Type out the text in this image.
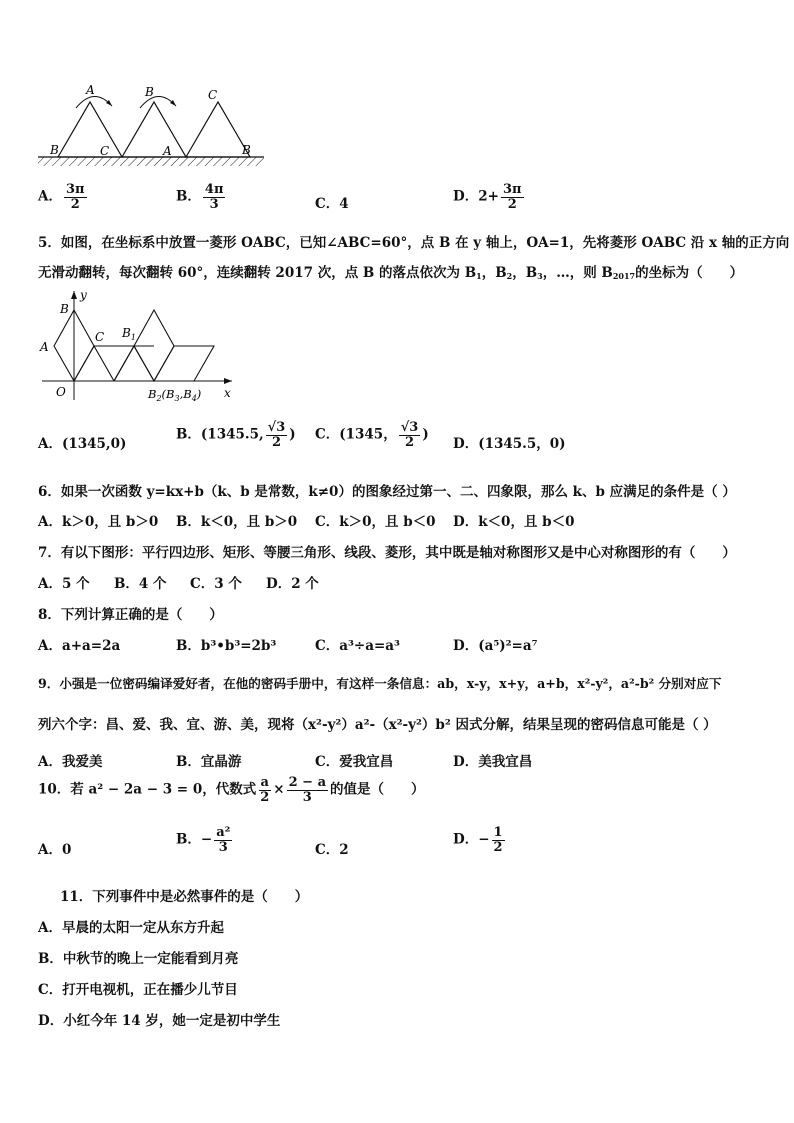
A
B	C
B	C
A	B
A． $\frac{3\pi}{2}$	B． $\frac{4\pi}{3}$	C．4	D．$2+ \frac{3\pi}{2}$
5．如图，在坐标系中放置一菱形 OABC，已知∠ABC=60°，点 B 在 y 轴上，OA=1，先将菱形 OABC 沿 x 轴的正方向
无滑动翻转，每次翻转 60°，连续翻转 2017 次，点 B 的落点依次为 $B_1$，$B_2$，$B_3$，…，则 $B_{2017}$的坐标为（　　）
y
B
A
C $B_1$
O	x
$B_2(B_3,B_4)$
A．(1345,0)
B．(1345.5, $\frac{√3}{2}$ ) C．(1345， $\frac{√3}{2}$ )
D．(1345.5，0)
6．如果一次函数 y=kx+b（k、b 是常数，k≠0）的图象经过第一、二、四象限，那么 k、b 应满足的条件是（ ）
A．k＞0，且 b＞0 B．k＜0，且 b＞0 C．k＞0，且 b＜0 D．k＜0，且 b＜0
7．有以下图形：平行四边形、矩形、等腰三角形、线段、菱形，其中既是轴对称图形又是中心对称图形的有（　　）
A．5 个 B．4 个 C．3 个 D．2 个
8．下列计算正确的是（　　）
A．a+a=2a	B．b³•b³=2b³	C．a³÷a=a³	D．(a⁵)²=a⁷
9．小强是一位密码编译爱好者，在他的密码手册中，有这样一条信息：ab，x-y，x+y，a+b，x²-y²，a²-b² 分别对应下
列六个字：昌、爱、我、宜、游、美，现将（x²-y²）a²-（x²-y²）b² 因式分解，结果呈现的密码信息可能是（ ）
A．我爱美	B．宜晶游	C．爱我宜昌	D．美我宜昌
10．若 a² − 2a − 3 = 0，代数式 $\frac{a}{2} \times \frac{2 - a}{3}$ 的值是（　　）
A．0
B．− $\frac{\text{a²}}{3}$	C．2
D．− $\frac{1}{2}$
11．下列事件中是必然事件的是（　　）
A．早晨的太阳一定从东方升起
B．中秋节的晚上一定能看到月亮
C．打开电视机，正在播少儿节目
D．小红今年 14 岁，她一定是初中学生
